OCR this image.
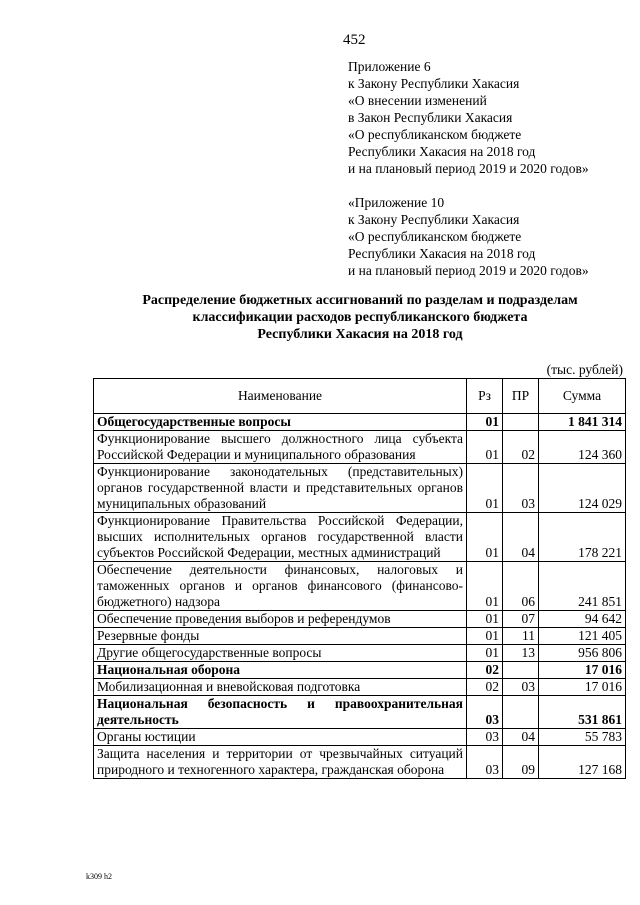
452
Приложение 6
к Закону Республики Хакасия
«О внесении изменений
в Закон Республики Хакасия
«О республиканском бюджете
Республики Хакасия на 2018 год
и на плановый период 2019 и 2020 годов»
«Приложение 10
к Закону Республики Хакасия
«О республиканском бюджете
Республики Хакасия на 2018 год
и на плановый период 2019 и 2020 годов»
Распределение бюджетных ассигнований по разделам и подразделам
классификации расходов республиканского бюджета
Республики Хакасия на 2018 год
(тыс. рублей)
Наименование	Рз	ПР	Сумма
Общегосударственные вопросы	01		1 841 314
Функционирование высшего должностного лица субъекта Российской Федерации и муниципального образования	01	02	124 360
Функционирование законодательных (представительных) органов государственной власти и представительных органов муниципальных образований	01	03	124 029
Функционирование Правительства Российской Федерации, высших исполнительных органов государственной власти субъектов Российской Федерации, местных администраций	01	04	178 221
Обеспечение деятельности финансовых, налоговых и таможенных органов и органов финансового (финансово-бюджетного) надзора	01	06	241 851
Обеспечение проведения выборов и референдумов	01	07	94 642
Резервные фонды	01	11	121 405
Другие общегосударственные вопросы	01	13	956 806
Национальная оборона	02		17 016
Мобилизационная и вневойсковая подготовка	02	03	17 016
Национальная безопасность и правоохранительная деятельность	03		531 861
Органы юстиции	03	04	55 783
Защита населения и территории от чрезвычайных ситуаций природного и техногенного характера, гражданская оборона	03	09	127 168
k309 h2
